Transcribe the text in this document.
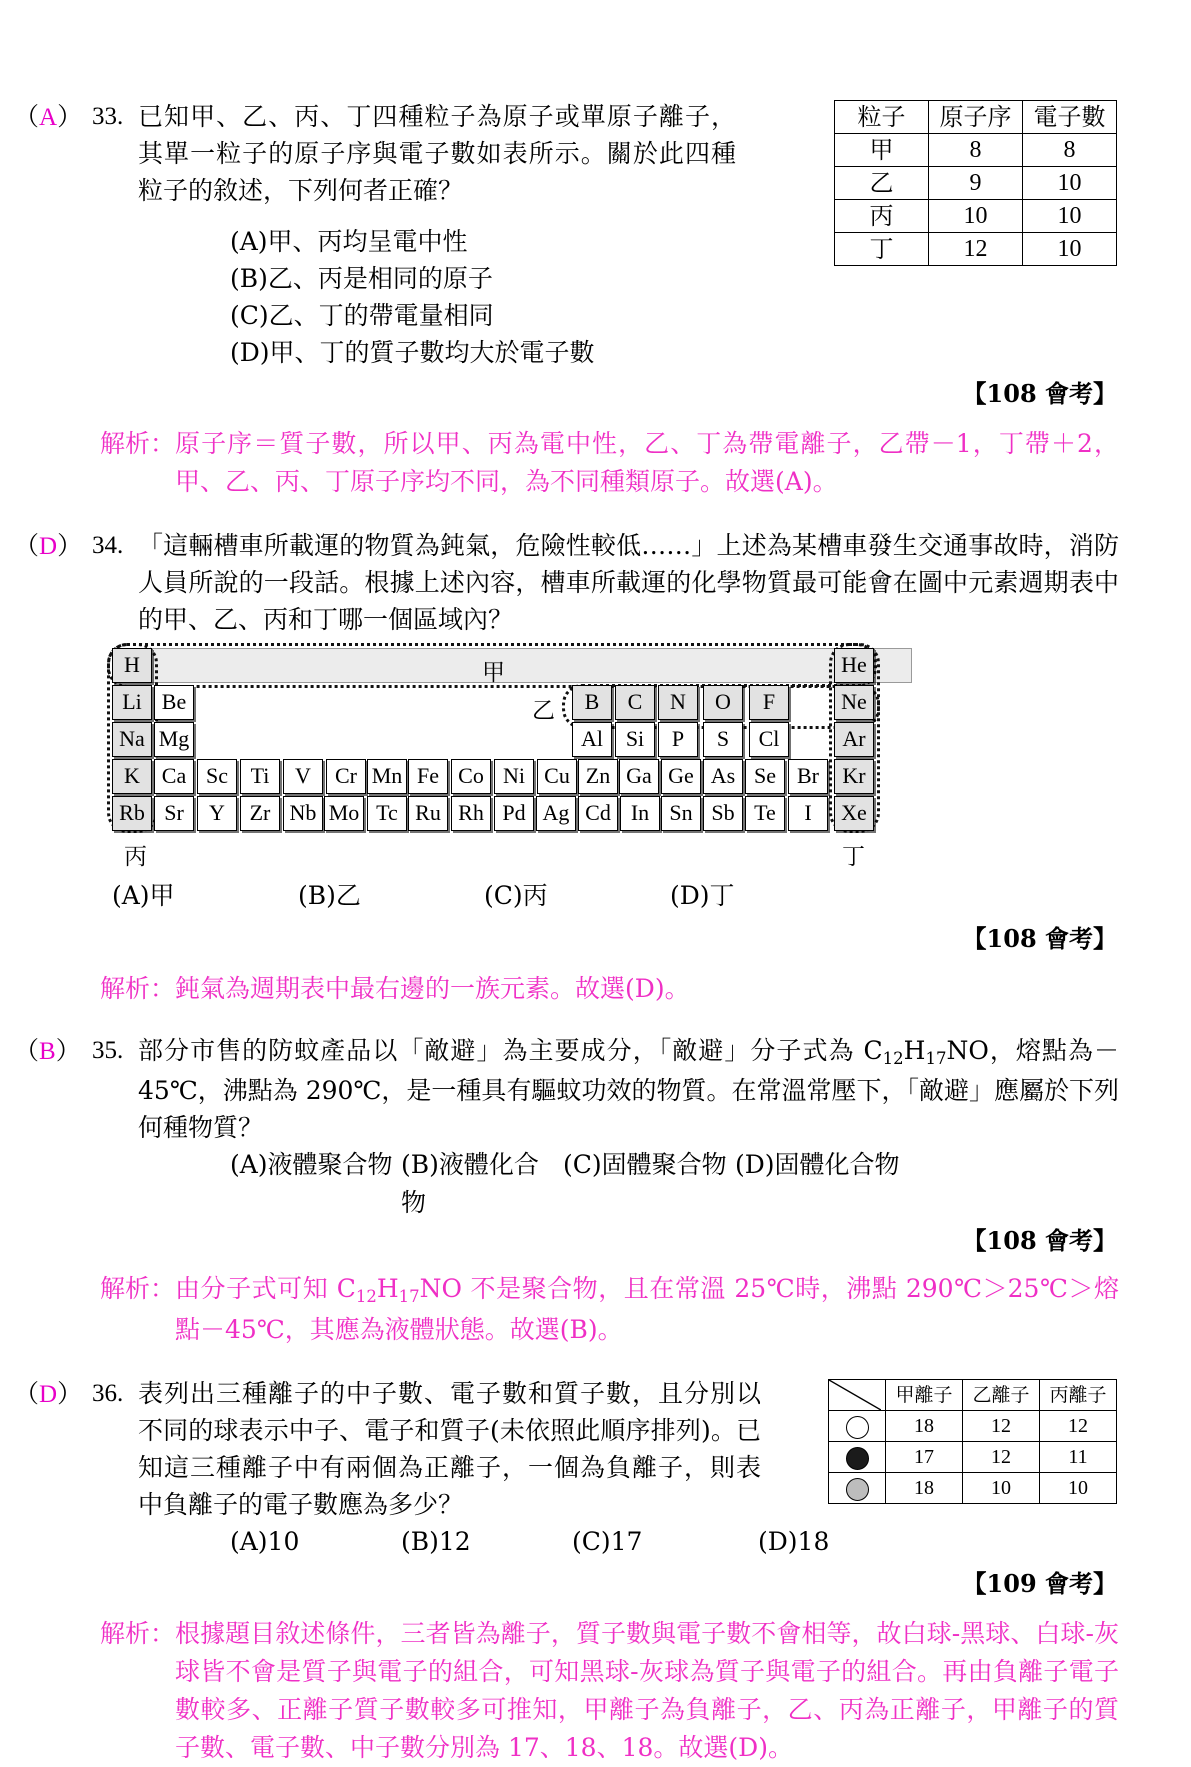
粒子	原子序	電子數
甲	8	8
乙	9	10
丙	10	10
丁	12	10
（A） 33. 已知甲、乙、丙、丁四種粒子為原子或單原子離子，其單一粒子的原子序與電子數如表所示。關於此四種粒子的敘述，下列何者正確？
(A)甲、丙均呈電中性
(B)乙、丙是相同的原子
(C)乙、丁的帶電量相同
(D)甲、丁的質子數均大於電子數
【108 會考】
解析： 原子序＝質子數，所以甲、丙為電中性，乙、丁為帶電離子，乙帶－1，丁帶＋2，甲、乙、丙、丁原子序均不同，為不同種類原子。故選(A)。
（D） 34. 「這輛槽車所載運的物質為鈍氣，危險性較低……」上述為某槽車發生交通事故時，消防人員所說的一段話。根據上述內容，槽車所載運的化學物質最可能會在圖中元素週期表中的甲、乙、丙和丁哪一個區域內？
甲
乙
丙	丁
H	He
Li Be	B	C	N	O	F	Ne
Na Mg	Al	Si	P	S	Cl	Ar
K Ca Sc	Ti	V	Cr Mn Fe Co Ni Cu Zn Ga Ge As Se Br	Kr
Rb Sr	Y	Zr Nb Mo Tc Ru Rh Pd Ag Cd In Sn Sb Te	I	Xe
(A)甲	(B)乙	(C)丙	(D)丁
【108 會考】
解析： 鈍氣為週期表中最右邊的一族元素。故選(D)。
（B） 35. 部分市售的防蚊產品以「敵避」為主要成分，「敵避」分子式為 $C_{12}H_{17}NO$，熔點為－45℃，沸點為 290℃，是一種具有驅蚊功效的物質。在常溫常壓下，「敵避」應屬於下列何種物質？
(A)液體聚合物 (B)液體化合物
(C)固體聚合物 (D)固體化合物
【108 會考】
解析： 由分子式可知 $C_{12}H_{17}NO$ 不是聚合物，且在常溫 25℃時，沸點 290℃＞25℃＞熔點－45℃，其應為液體狀態。故選(B)。
	甲離子	乙離子	丙離子
	18	12	12
	17	12	11
	18	10	10
（D） 36. 表列出三種離子的中子數、電子數和質子數，且分別以不同的球表示中子、電子和質子(未依照此順序排列)。已知這三種離子中有兩個為正離子，一個為負離子，則表中負離子的電子數應為多少？
(A)10	(B)12	(C)17	(D)18
【109 會考】
解析： 根據題目敘述條件，三者皆為離子，質子數與電子數不會相等，故白球-黑球、白球-灰球皆不會是質子與電子的組合，可知黑球-灰球為質子與電子的組合。再由負離子電子數較多、正離子質子數較多可推知，甲離子為負離子，乙、丙為正離子，甲離子的質子數、電子數、中子數分別為 17、18、18。故選(D)。
